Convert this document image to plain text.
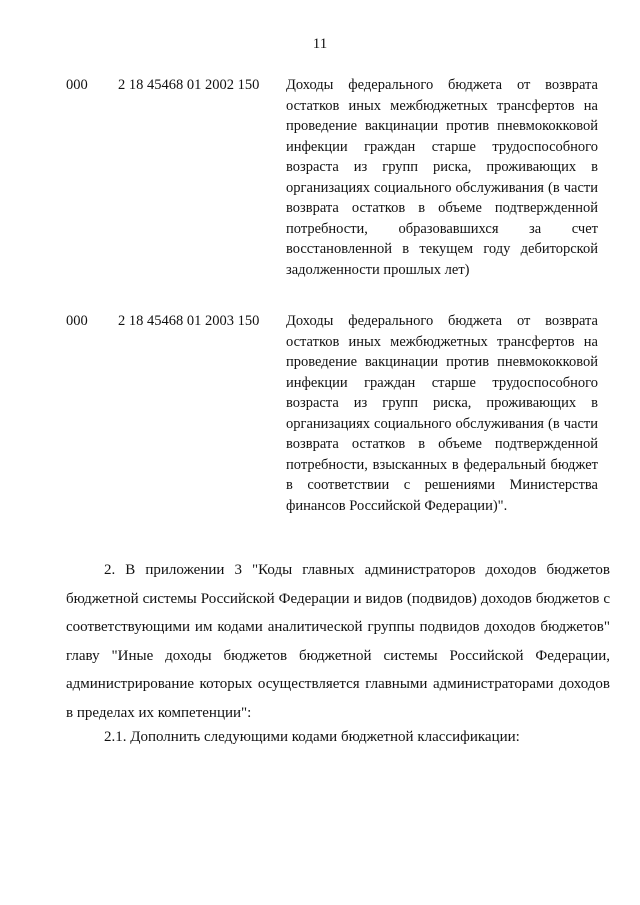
11
000 2 18 45468 01 2002 150 Доходы федерального бюджета от возврата остатков иных межбюджетных трансфертов на проведение вакцинации против пневмококковой инфекции граждан старше трудоспособного возраста из групп риска, проживающих в организациях социального обслуживания (в части возврата остатков в объеме подтвержденной потребности, образовавшихся за счет восстановленной в текущем году дебиторской задолженности прошлых лет)
000 2 18 45468 01 2003 150 Доходы федерального бюджета от возврата остатков иных межбюджетных трансфертов на проведение вакцинации против пневмококковой инфекции граждан старше трудоспособного возраста из групп риска, проживающих в организациях социального обслуживания (в части возврата остатков в объеме подтвержденной потребности, взысканных в федеральный бюджет в соответствии с решениями Министерства финансов Российской Федерации)".
2. В приложении 3 "Коды главных администраторов доходов бюджетов бюджетной системы Российской Федерации и видов (подвидов) доходов бюджетов с соответствующими им кодами аналитической группы подвидов доходов бюджетов" главу "Иные доходы бюджетов бюджетной системы Российской Федерации, администрирование которых осуществляется главными администраторами доходов в пределах их компетенции":
2.1. Дополнить следующими кодами бюджетной классификации:
